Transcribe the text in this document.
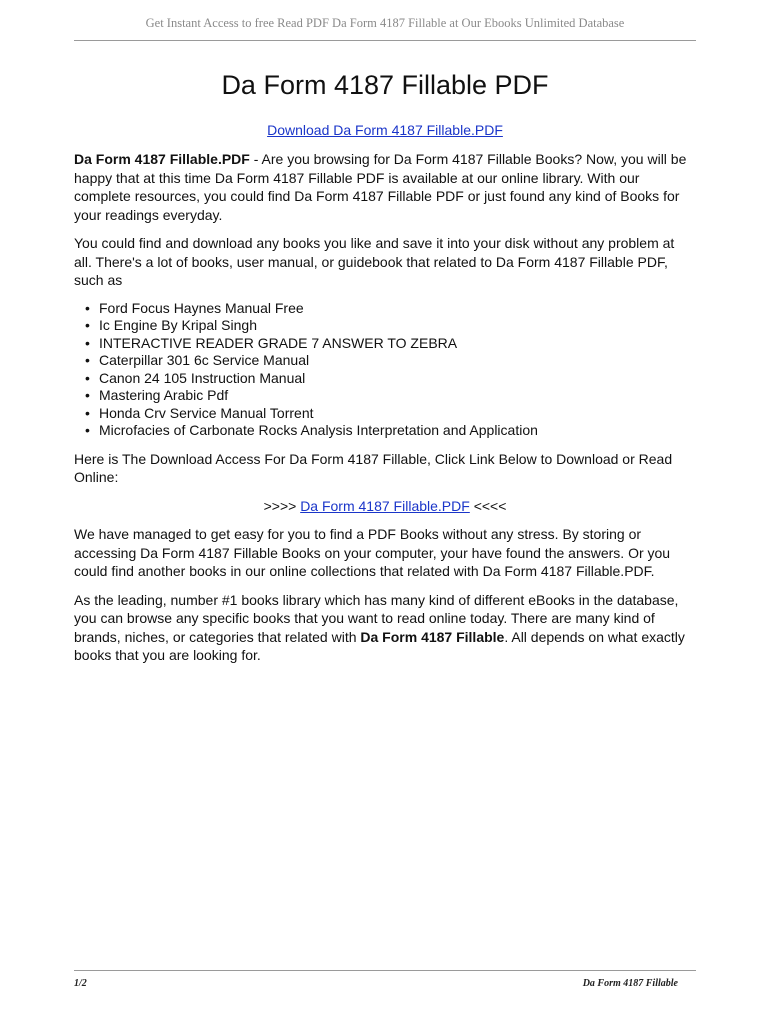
Get Instant Access to free Read PDF Da Form 4187 Fillable at Our Ebooks Unlimited Database
Da Form 4187 Fillable PDF
Download Da Form 4187 Fillable.PDF

Da Form 4187 Fillable.PDF - Are you browsing for Da Form 4187 Fillable Books? Now, you will be happy that at this time Da Form 4187 Fillable PDF is available at our online library. With our complete resources, you could find Da Form 4187 Fillable PDF or just found any kind of Books for your readings everyday.

You could find and download any books you like and save it into your disk without any problem at all. There's a lot of books, user manual, or guidebook that related to Da Form 4187 Fillable PDF, such as

• Ford Focus Haynes Manual Free
• Ic Engine By Kripal Singh
• INTERACTIVE READER GRADE 7 ANSWER TO ZEBRA
• Caterpillar 301 6c Service Manual
• Canon 24 105 Instruction Manual
• Mastering Arabic Pdf
• Honda Crv Service Manual Torrent
• Microfacies of Carbonate Rocks Analysis Interpretation and Application

Here is The Download Access For Da Form 4187 Fillable, Click Link Below to Download or Read Online:

>>>> Da Form 4187 Fillable.PDF <<<<

We have managed to get easy for you to find a PDF Books without any stress. By storing or accessing Da Form 4187 Fillable Books on your computer, your have found the answers. Or you could find another books in our online collections that related with Da Form 4187 Fillable.PDF.

As the leading, number #1 books library which has many kind of different eBooks in the database, you can browse any specific books that you want to read online today. There are many kind of brands, niches, or categories that related with Da Form 4187 Fillable. All depends on what exactly books that you are looking for.

1/2	Da Form 4187 Fillable
